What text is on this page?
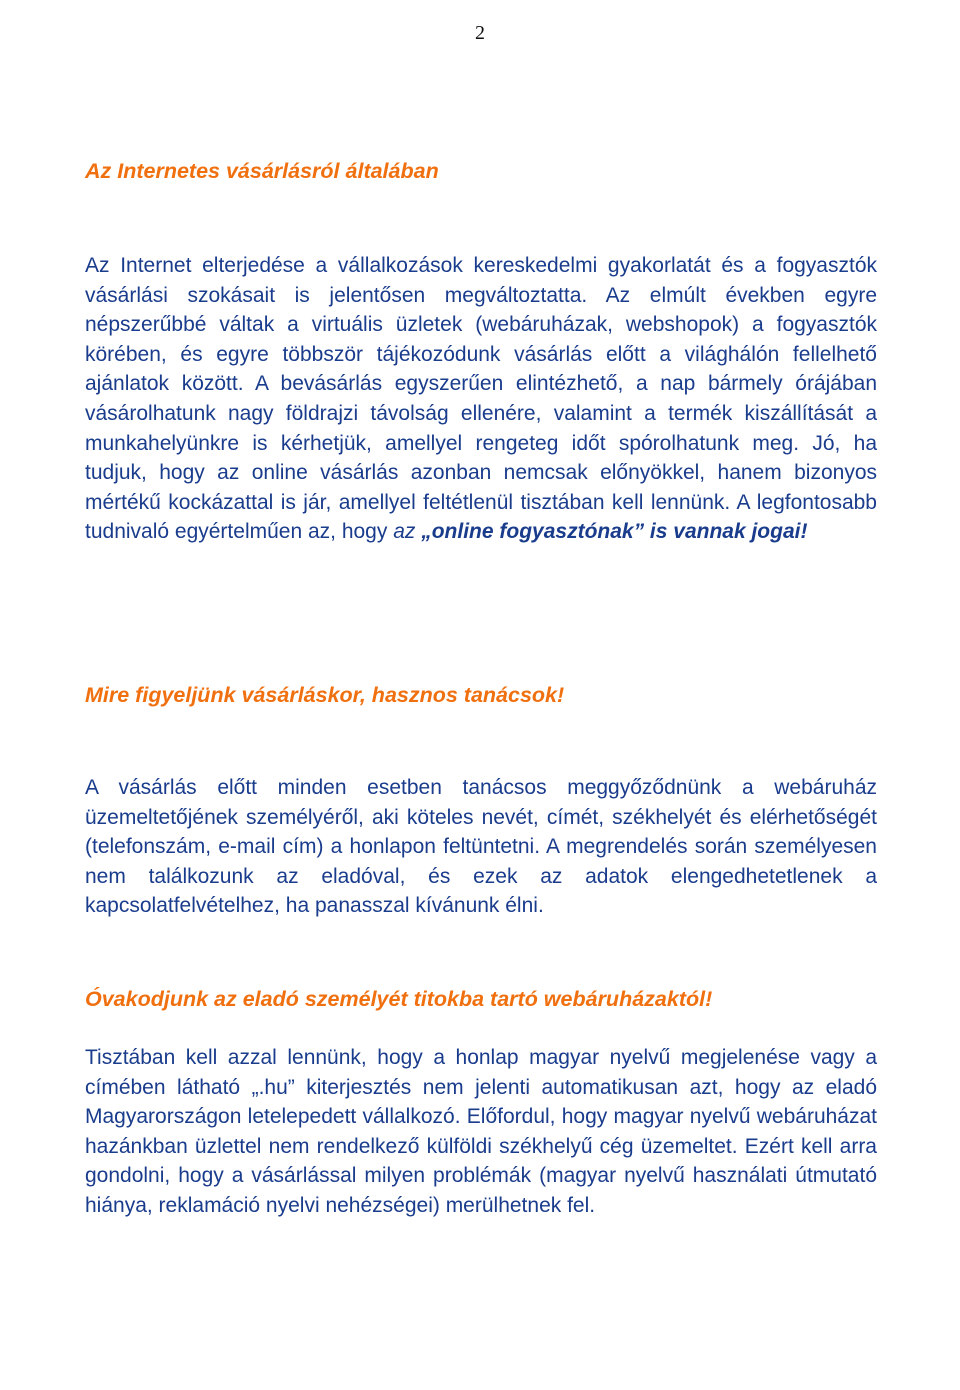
2
Az Internetes vásárlásról általában

Az Internet elterjedése a vállalkozások kereskedelmi gyakorlatát és a fogyasztók vásárlási szokásait is jelentősen megváltoztatta. Az elmúlt években egyre népszerűbbé váltak a virtuális üzletek (webáruházak, webshopok) a fogyasztók körében, és egyre többször tájékozódunk vásárlás előtt a világhálón fellelhető ajánlatok között. A bevásárlás egyszerűen elintézhető, a nap bármely órájában vásárolhatunk nagy földrajzi távolság ellenére, valamint a termék kiszállítását a munkahelyünkre is kérhetjük, amellyel rengeteg időt spórolhatunk meg. Jó, ha tudjuk, hogy az online vásárlás azonban nemcsak előnyökkel, hanem bizonyos mértékű kockázattal is jár, amellyel feltétlenül tisztában kell lennünk. A legfontosabb tudnivaló egyértelműen az, hogy az „online fogyasztónak” is vannak jogai!

Mire figyeljünk vásárláskor, hasznos tanácsok!

A vásárlás előtt minden esetben tanácsos meggyőződnünk a webáruház üzemeltetőjének személyéről, aki köteles nevét, címét, székhelyét és elérhetőségét (telefonszám, e-mail cím) a honlapon feltüntetni. A megrendelés során személyesen nem találkozunk az eladóval, és ezek az adatok elengedhetetlenek a kapcsolatfelvételhez, ha panasszal kívánunk élni.

Óvakodjunk az eladó személyét titokba tartó webáruházaktól!

Tisztában kell azzal lennünk, hogy a honlap magyar nyelvű megjelenése vagy a címében látható „.hu” kiterjesztés nem jelenti automatikusan azt, hogy az eladó Magyarországon letelepedett vállalkozó. Előfordul, hogy magyar nyelvű webáruházat hazánkban üzlettel nem rendelkező külföldi székhelyű cég üzemeltet. Ezért kell arra gondolni, hogy a vásárlással milyen problémák (magyar nyelvű használati útmutató hiánya, reklamáció nyelvi nehézségei) merülhetnek fel.
